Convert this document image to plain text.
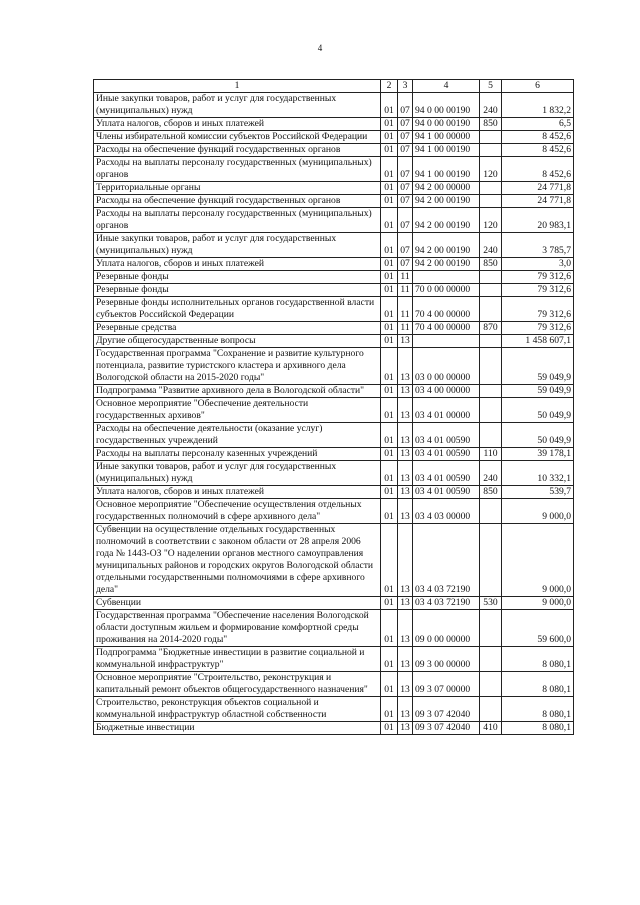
4
1	2	3	4	5	6
Иные закупки товаров, работ и услуг для государственных (муниципальных) нужд	01	07	94 0 00 00190	240	1 832,2
Уплата налогов, сборов и иных платежей	01	07	94 0 00 00190	850	6,5
Члены избирательной комиссии субъектов Российской Федерации	01	07	94 1 00 00000		8 452,6
Расходы на обеспечение функций государственных органов	01	07	94 1 00 00190		8 452,6
Расходы на выплаты персоналу государственных (муниципальных) органов	01	07	94 1 00 00190	120	8 452,6
Территориальные органы	01	07	94 2 00 00000		24 771,8
Расходы на обеспечение функций государственных органов	01	07	94 2 00 00190		24 771,8
Расходы на выплаты персоналу государственных (муниципальных) органов	01	07	94 2 00 00190	120	20 983,1
Иные закупки товаров, работ и услуг для государственных (муниципальных) нужд	01	07	94 2 00 00190	240	3 785,7
Уплата налогов, сборов и иных платежей	01	07	94 2 00 00190	850	3,0
Резервные фонды	01	11			79 312,6
Резервные фонды	01	11	70 0 00 00000		79 312,6
Резервные фонды исполнительных органов государственной власти субъектов Российской Федерации	01	11	70 4 00 00000		79 312,6
Резервные средства	01	11	70 4 00 00000	870	79 312,6
Другие общегосударственные вопросы	01	13			1 458 607,1
Государственная программа "Сохранение и развитие культурного потенциала, развитие туристского кластера и архивного дела Вологодской области на 2015-2020 годы"	01	13	03 0 00 00000		59 049,9
Подпрограмма "Развитие архивного дела в Вологодской области"	01	13	03 4 00 00000		59 049,9
Основное мероприятие "Обеспечение деятельности государственных архивов"	01	13	03 4 01 00000		50 049,9
Расходы на обеспечение деятельности (оказание услуг) государственных учреждений	01	13	03 4 01 00590		50 049,9
Расходы на выплаты персоналу казенных учреждений	01	13	03 4 01 00590	110	39 178,1
Иные закупки товаров, работ и услуг для государственных (муниципальных) нужд	01	13	03 4 01 00590	240	10 332,1
Уплата налогов, сборов и иных платежей	01	13	03 4 01 00590	850	539,7
Основное мероприятие "Обеспечение осуществления отдельных государственных полномочий в сфере архивного дела"	01	13	03 4 03 00000		9 000,0
Субвенции на осуществление отдельных государственных полномочий в соответствии с законом области от 28 апреля 2006 года № 1443-ОЗ "О наделении органов местного самоуправления муниципальных районов и городских округов Вологодской области отдельными государственными полномочиями в сфере архивного дела"	01	13	03 4 03 72190		9 000,0
Субвенции	01	13	03 4 03 72190	530	9 000,0
Государственная программа "Обеспечение населения Вологодской области доступным жильем и формирование комфортной среды проживания на 2014-2020 годы"	01	13	09 0 00 00000		59 600,0
Подпрограмма "Бюджетные инвестиции в развитие социальной и коммунальной инфраструктур"	01	13	09 3 00 00000		8 080,1
Основное мероприятие "Строительство, реконструкция и капитальный ремонт объектов общегосударственного назначения"	01	13	09 3 07 00000		8 080,1
Строительство, реконструкция объектов социальной и коммунальной инфраструктур областной собственности	01	13	09 3 07 42040		8 080,1
Бюджетные инвестиции	01	13	09 3 07 42040	410	8 080,1
